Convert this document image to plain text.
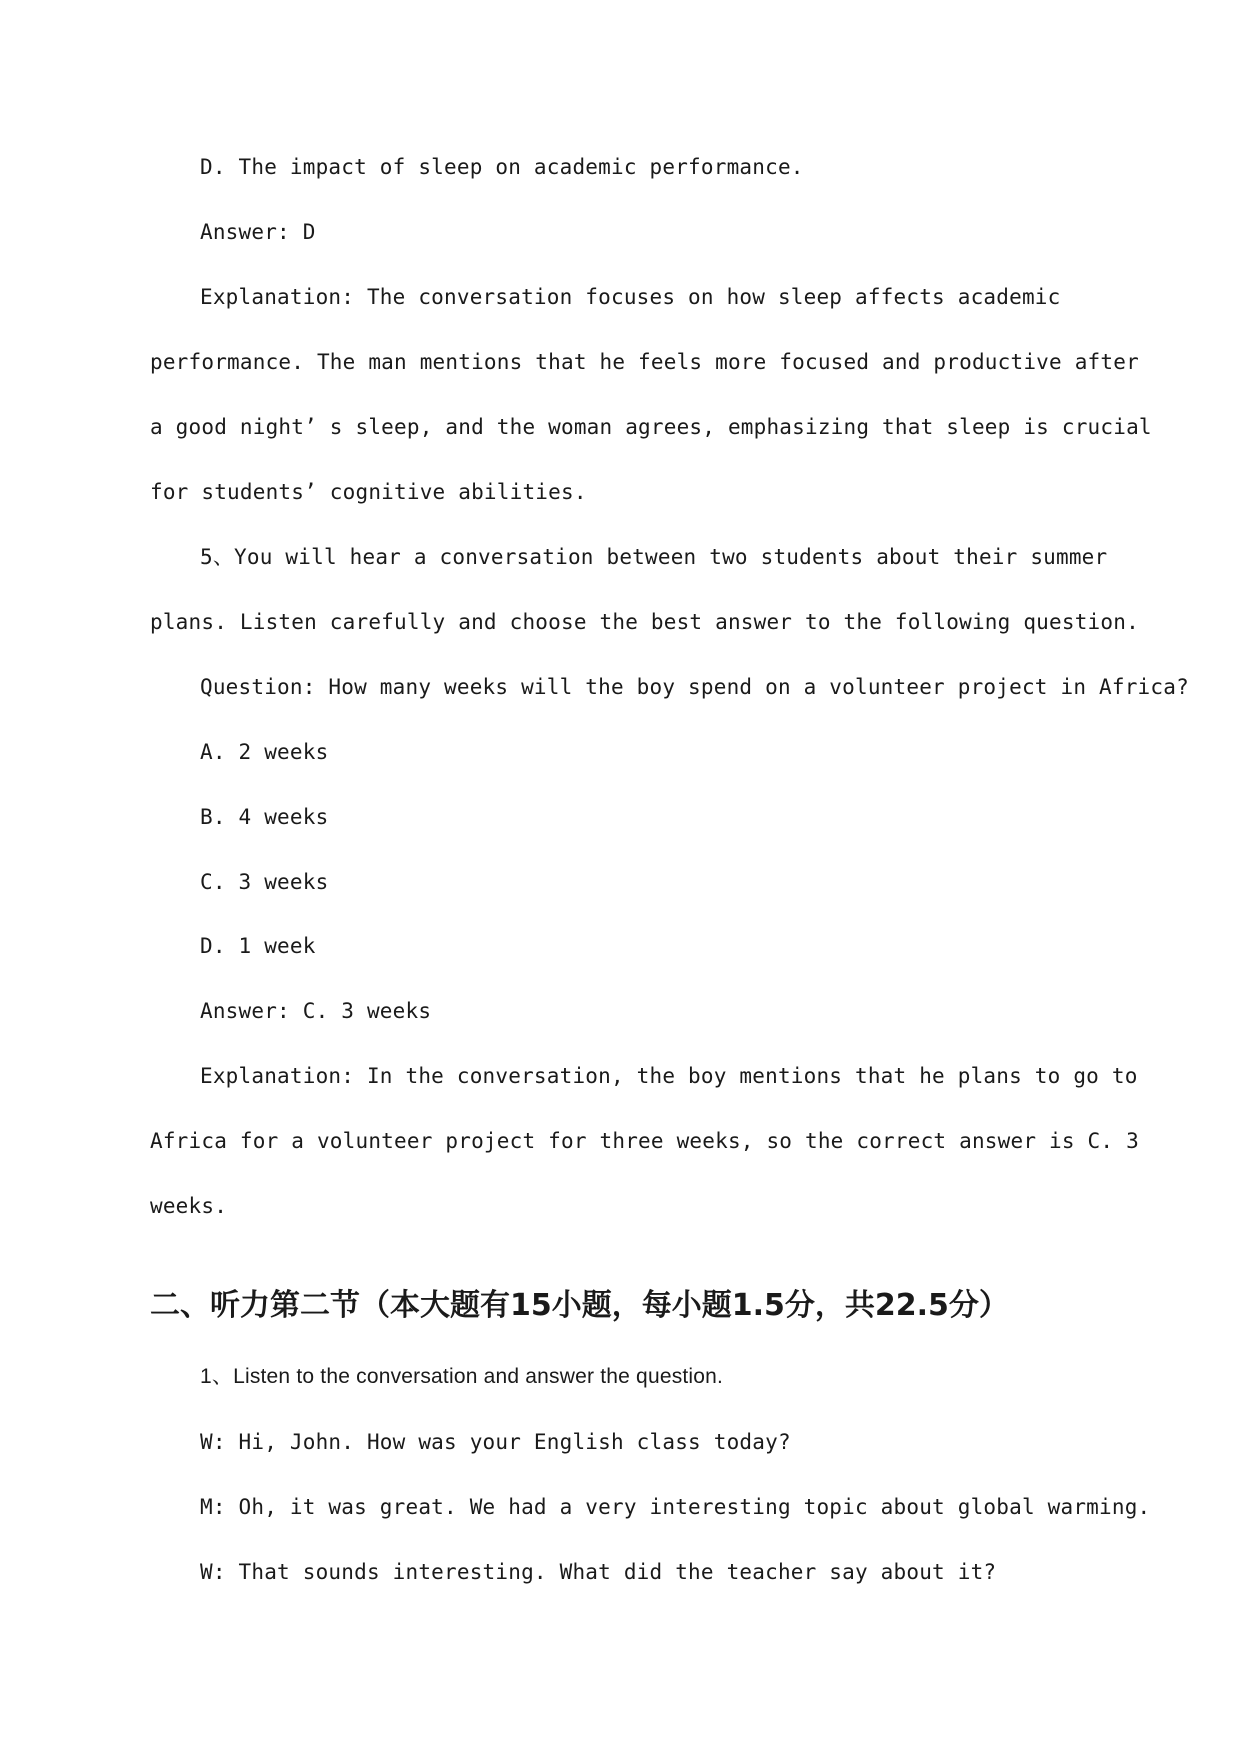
D. The impact of sleep on academic performance.
Answer: D
Explanation: The conversation focuses on how sleep affects academic
performance. The man mentions that he feels more focused and productive after
a good night’ s sleep, and the woman agrees, emphasizing that sleep is crucial
for students’ cognitive abilities.
5、You will hear a conversation between two students about their summer
plans. Listen carefully and choose the best answer to the following question.
Question: How many weeks will the boy spend on a volunteer project in Africa?
A. 2 weeks
B. 4 weeks
C. 3 weeks
D. 1 week
Answer: C. 3 weeks
Explanation: In the conversation, the boy mentions that he plans to go to
Africa for a volunteer project for three weeks, so the correct answer is C. 3
weeks.
二、听力第二节（本大题有15小题，每小题1.5分，共22.5分）
1、Listen to the conversation and answer the question.
W: Hi, John. How was your English class today?
M: Oh, it was great. We had a very interesting topic about global warming.
W: That sounds interesting. What did the teacher say about it?
